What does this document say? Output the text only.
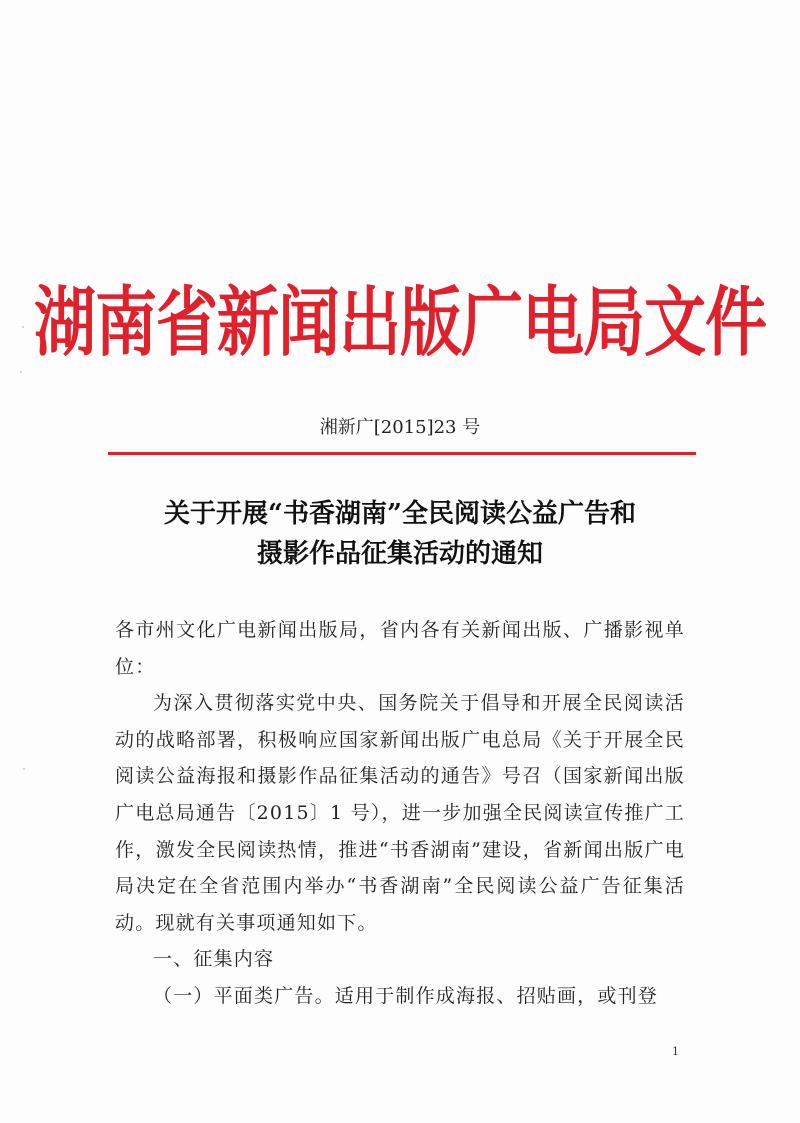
湖南省新闻出版广电局文件
湘新广[2015]23 号
关于开展“书香湖南”全民阅读公益广告和
摄影作品征集活动的通知

各市州文化广电新闻出版局，省内各有关新闻出版、广播影视单位：

为深入贯彻落实党中央、国务院关于倡导和开展全民阅读活动的战略部署，积极响应国家新闻出版广电总局《关于开展全民阅读公益海报和摄影作品征集活动的通告》号召（国家新闻出版广电总局通告〔2015〕1 号），进一步加强全民阅读宣传推广工作，激发全民阅读热情，推进“书香湖南”建设，省新闻出版广电局决定在全省范围内举办“书香湖南”全民阅读公益广告征集活动。现就有关事项通知如下。

一、征集内容

（一）平面类广告。适用于制作成海报、招贴画，或刊登

1
